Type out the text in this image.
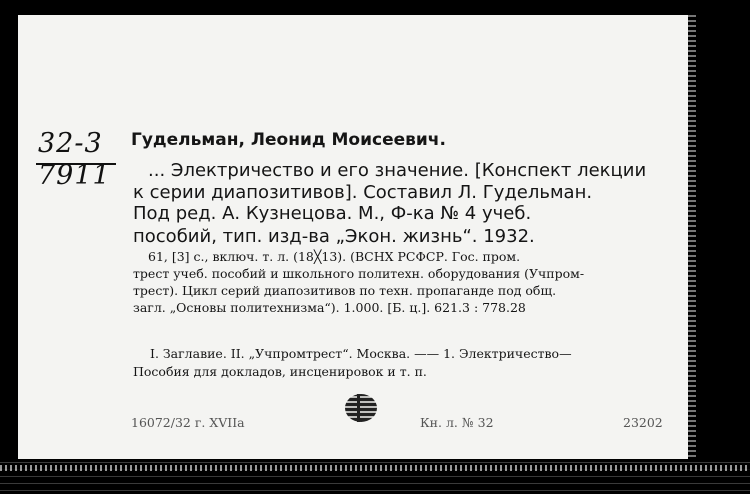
32-3
7911
Гудельман, Леонид Моисеевич.
... Электричество и его значение. [Конспект лекции
к серии диапозитивов]. Составил Л. Гудельман.
Под ред. А. Кузнецова. М., Ф-ка № 4 учеб.
пособий, тип. изд-ва „Экон. жизнь“. 1932.
61, [3] с., включ. т. л. (18╳13). (ВСНХ РСФСР. Гос. пром.
трест учеб. пособий и школьного политехн. оборудования (Учпром-
трест). Цикл серий диапозитивов по техн. пропаганде под общ.
загл. „Основы политехнизма“). 1.000. [Б. ц.]. 621.3 : 778.28
I. Заглавие. II. „Учпромтрест“. Москва. —— 1. Электричество—
Пособия для докладов, инсценировок и т. п.
16072/32 г. XVIIa	Кн. л. № 32	23202
